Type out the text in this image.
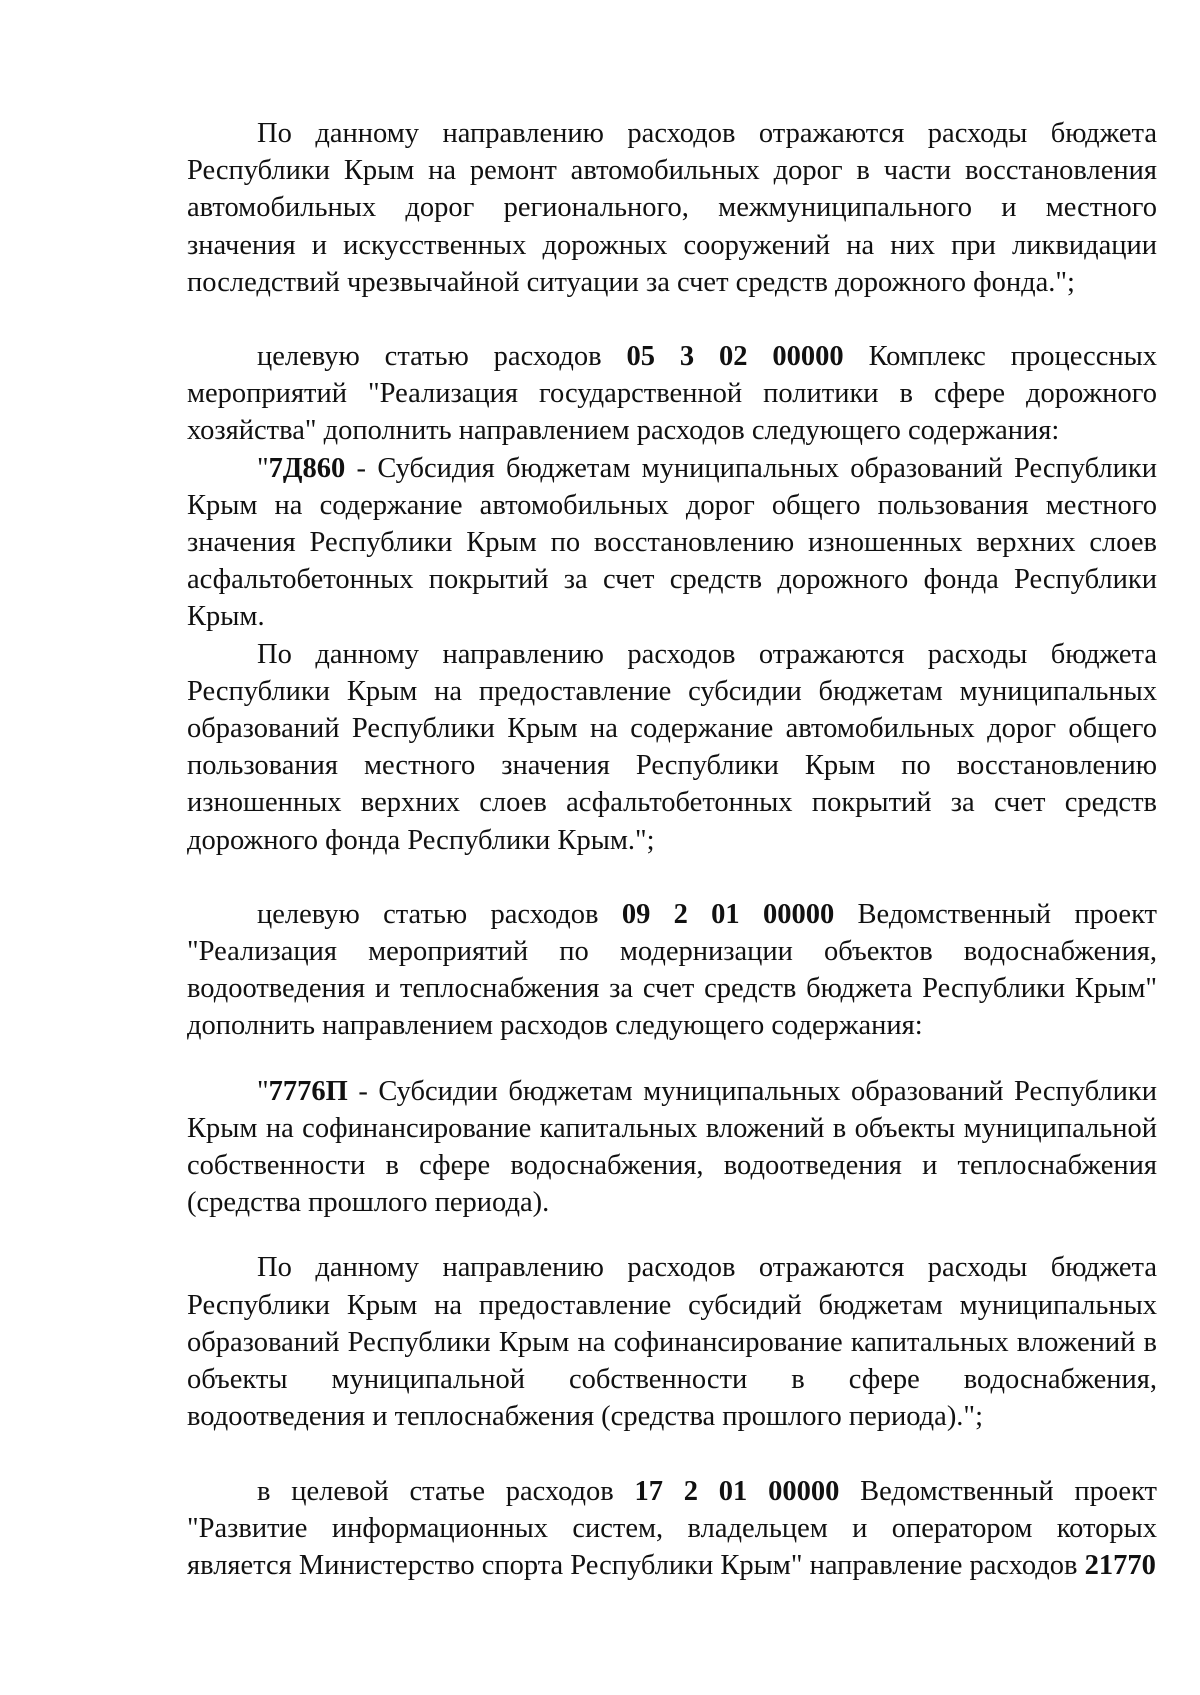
По данному направлению расходов отражаются расходы бюджета Республики Крым на ремонт автомобильных дорог в части восстановления автомобильных дорог регионального, межмуниципального и местного значения и искусственных дорожных сооружений на них при ликвидации последствий чрезвычайной ситуации за счет средств дорожного фонда.";

целевую статью расходов 05 3 02 00000 Комплекс процессных мероприятий "Реализация государственной политики в сфере дорожного хозяйства" дополнить направлением расходов следующего содержания:

"7Д860 - Субсидия бюджетам муниципальных образований Республики Крым на содержание автомобильных дорог общего пользования местного значения Республики Крым по восстановлению изношенных верхних слоев асфальтобетонных покрытий за счет средств дорожного фонда Республики Крым.

По данному направлению расходов отражаются расходы бюджета Республики Крым на предоставление субсидии бюджетам муниципальных образований Республики Крым на содержание автомобильных дорог общего пользования местного значения Республики Крым по восстановлению изношенных верхних слоев асфальтобетонных покрытий за счет средств дорожного фонда Республики Крым.";

целевую статью расходов 09 2 01 00000 Ведомственный проект "Реализация мероприятий по модернизации объектов водоснабжения, водоотведения и теплоснабжения за счет средств бюджета Республики Крым" дополнить направлением расходов следующего содержания:

"7776П - Субсидии бюджетам муниципальных образований Республики Крым на софинансирование капитальных вложений в объекты муниципальной собственности в сфере водоснабжения, водоотведения и теплоснабжения (средства прошлого периода).

По данному направлению расходов отражаются расходы бюджета Республики Крым на предоставление субсидий бюджетам муниципальных образований Республики Крым на софинансирование капитальных вложений в объекты муниципальной собственности в сфере водоснабжения, водоотведения и теплоснабжения (средства прошлого периода).";

в целевой статье расходов 17 2 01 00000 Ведомственный проект "Развитие информационных систем, владельцем и оператором которых является Министерство спорта Республики Крым" направление расходов 21770
